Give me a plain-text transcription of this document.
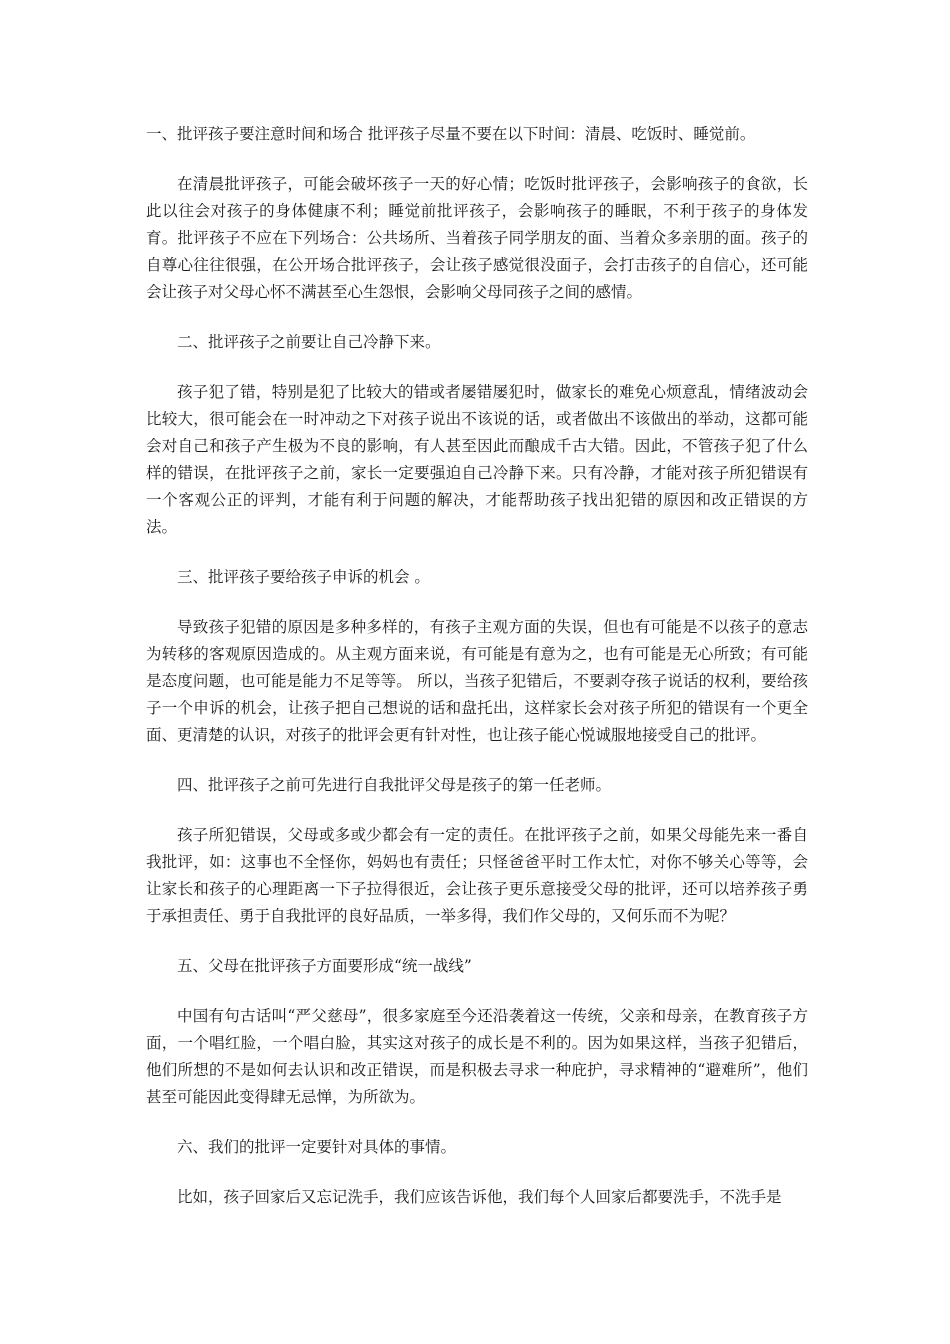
一、批评孩子要注意时间和场合 批评孩子尽量不要在以下时间：清晨、吃饭时、睡觉前。

在清晨批评孩子，可能会破坏孩子一天的好心情；吃饭时批评孩子，会影响孩子的食欲，长此以往会对孩子的身体健康不利；睡觉前批评孩子，会影响孩子的睡眠，不利于孩子的身体发育。批评孩子不应在下列场合：公共场所、当着孩子同学朋友的面、当着众多亲朋的面。孩子的自尊心往往很强，在公开场合批评孩子，会让孩子感觉很没面子，会打击孩子的自信心，还可能会让孩子对父母心怀不满甚至心生怨恨，会影响父母同孩子之间的感情。

二、批评孩子之前要让自己冷静下来。

孩子犯了错，特别是犯了比较大的错或者屡错屡犯时，做家长的难免心烦意乱，情绪波动会比较大，很可能会在一时冲动之下对孩子说出不该说的话，或者做出不该做出的举动，这都可能会对自己和孩子产生极为不良的影响，有人甚至因此而酿成千古大错。因此，不管孩子犯了什么样的错误，在批评孩子之前，家长一定要强迫自己冷静下来。只有冷静，才能对孩子所犯错误有一个客观公正的评判，才能有利于问题的解决，才能帮助孩子找出犯错的原因和改正错误的方法。

三、批评孩子要给孩子申诉的机会 。

导致孩子犯错的原因是多种多样的，有孩子主观方面的失误，但也有可能是不以孩子的意志为转移的客观原因造成的。从主观方面来说，有可能是有意为之，也有可能是无心所致；有可能是态度问题，也可能是能力不足等等。 所以，当孩子犯错后，不要剥夺孩子说话的权利，要给孩子一个申诉的机会，让孩子把自己想说的话和盘托出，这样家长会对孩子所犯的错误有一个更全面、更清楚的认识，对孩子的批评会更有针对性，也让孩子能心悦诚服地接受自己的批评。

四、批评孩子之前可先进行自我批评父母是孩子的第一任老师。

孩子所犯错误，父母或多或少都会有一定的责任。在批评孩子之前，如果父母能先来一番自我批评，如：这事也不全怪你，妈妈也有责任；只怪爸爸平时工作太忙，对你不够关心等等，会让家长和孩子的心理距离一下子拉得很近，会让孩子更乐意接受父母的批评，还可以培养孩子勇于承担责任、勇于自我批评的良好品质，一举多得，我们作父母的，又何乐而不为呢？

五、父母在批评孩子方面要形成“统一战线”

中国有句古话叫“严父慈母”，很多家庭至今还沿袭着这一传统，父亲和母亲，在教育孩子方面，一个唱红脸，一个唱白脸，其实这对孩子的成长是不利的。因为如果这样，当孩子犯错后，他们所想的不是如何去认识和改正错误，而是积极去寻求一种庇护，寻求精神的“避难所”，他们甚至可能因此变得肆无忌惮，为所欲为。

六、我们的批评一定要针对具体的事情。

比如，孩子回家后又忘记洗手，我们应该告诉他，我们每个人回家后都要洗手，不洗手是
